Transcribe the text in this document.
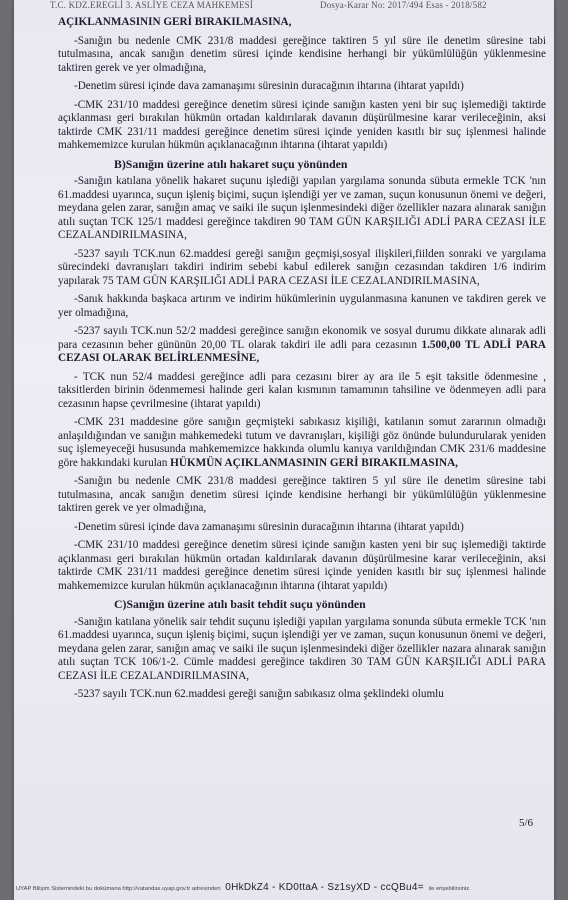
T.C. KDZ.EREGLİ 3. ASLİYE CEZA MAHKEMESİ	Dosya-Karar No: 2017/494 Esas - 2018/582

AÇIKLANMASININ GERİ BIRAKILMASINA,

-Sanığın bu nedenle CMK 231/8 maddesi gereğince taktiren 5 yıl süre ile denetim süresine tabi tutulmasına, ancak sanığın denetim süresi içinde kendisine herhangi bir yükümlülüğün yüklenmesine taktiren gerek ve yer olmadığına,

-Denetim süresi içinde dava zamanaşımı süresinin duracağının ihtarına (ihtarat yapıldı)

-CMK 231/10 maddesi gereğince denetim süresi içinde sanığın kasten yeni bir suç işlemediği taktirde açıklanması geri bırakılan hükmün ortadan kaldırılarak davanın düşürülmesine karar verileceğinin, aksi taktirde CMK 231/11 maddesi gereğince denetim süresi içinde yeniden kasıtlı bir suç işlenmesi halinde mahkememizce kurulan hükmün açıklanacağının ihtarına (ihtarat yapıldı)

B)Sanığın üzerine atılı hakaret suçu yönünden

-Sanığın katılana yönelik hakaret suçunu işlediği yapılan yargılama sonunda sübuta ermekle TCK 'nın 61.maddesi uyarınca, suçun işleniş biçimi, suçun işlendiği yer ve zaman, suçun konusunun önemi ve değeri, meydana gelen zarar, sanığın amaç ve saiki ile suçun işlenmesindeki diğer özellikler nazara alınarak sanığın atılı suçtan TCK 125/1 maddesi gereğince takdiren 90 TAM GÜN KARŞILIĞI ADLİ PARA CEZASI İLE CEZALANDIRILMASINA,

-5237 sayılı TCK.nun 62.maddesi gereği sanığın geçmişi,sosyal ilişkileri,fiilden sonraki ve yargılama sürecindeki davranışları takdiri indirim sebebi kabul edilerek sanığın cezasından takdiren 1/6 indirim yapılarak 75 TAM GÜN KARŞILIĞI ADLİ PARA CEZASI İLE CEZALANDIRILMASINA,

-Sanık hakkında başkaca artırım ve indirim hükümlerinin uygulanmasına kanunen ve takdiren gerek ve yer olmadığına,

-5237 sayılı TCK.nun 52/2 maddesi gereğince sanığın ekonomik ve sosyal durumu dikkate alınarak adli para cezasının beher gününün 20,00 TL olarak takdiri ile adli para cezasının 1.500,00 TL ADLİ PARA CEZASI OLARAK BELİRLENMESİNE,

- TCK nun 52/4 maddesi gereğince adli para cezasını birer ay ara ile 5 eşit taksitle ödenmesine , taksitlerden birinin ödenmemesi halinde geri kalan kısmının tamamının tahsiline ve ödenmeyen adli para cezasının hapse çevrilmesine (ihtarat yapıldı)

-CMK 231 maddesine göre sanığın geçmişteki sabıkasız kişiliği, katılanın somut zararının olmadığı anlaşıldığından ve sanığın mahkemedeki tutum ve davranışları, kişiliği göz önünde bulundurularak yeniden suç işlemeyeceği hususunda mahkememizce hakkında olumlu kanıya varıldığından CMK 231/6 maddesine göre hakkındaki kurulan HÜKMÜN AÇIKLANMASININ GERİ BIRAKILMASINA,

-Sanığın bu nedenle CMK 231/8 maddesi gereğince taktiren 5 yıl süre ile denetim süresine tabi tutulmasına, ancak sanığın denetim süresi içinde kendisine herhangi bir yükümlülüğün yüklenmesine taktiren gerek ve yer olmadığına,

-Denetim süresi içinde dava zamanaşımı süresinin duracağının ihtarına (ihtarat yapıldı)

-CMK 231/10 maddesi gereğince denetim süresi içinde sanığın kasten yeni bir suç işlemediği taktirde açıklanması geri bırakılan hükmün ortadan kaldırılarak davanın düşürülmesine karar verileceğinin, aksi taktirde CMK 231/11 maddesi gereğince denetim süresi içinde yeniden kasıtlı bir suç işlenmesi halinde mahkememizce kurulan hükmün açıklanacağının ihtarına (ihtarat yapıldı)

C)Sanığın üzerine atılı basit tehdit suçu yönünden

-Sanığın katılana yönelik sair tehdit suçunu işlediği yapılan yargılama sonunda sübuta ermekle TCK 'nın 61.maddesi uyarınca, suçun işleniş biçimi, suçun işlendiği yer ve zaman, suçun konusunun önemi ve değeri, meydana gelen zarar, sanığın amaç ve saiki ile suçun işlenmesindeki diğer özellikler nazara alınarak sanığın atılı suçtan TCK 106/1-2. Cümle maddesi gereğince takdiren 30 TAM GÜN KARŞILIĞI ADLİ PARA CEZASI İLE CEZALANDIRILMASINA,

-5237 sayılı TCK.nun 62.maddesi gereği sanığın sabıkasız olma şeklindeki olumlu

5/6
UYAP Bilişim Sistemindeki bu dokümana http://vatandas.uyap.gov.tr adresinden 0HkDkZ4 - KD0ttaA - Sz1syXD - ccQBu4= ile erişebilirsiniz.
